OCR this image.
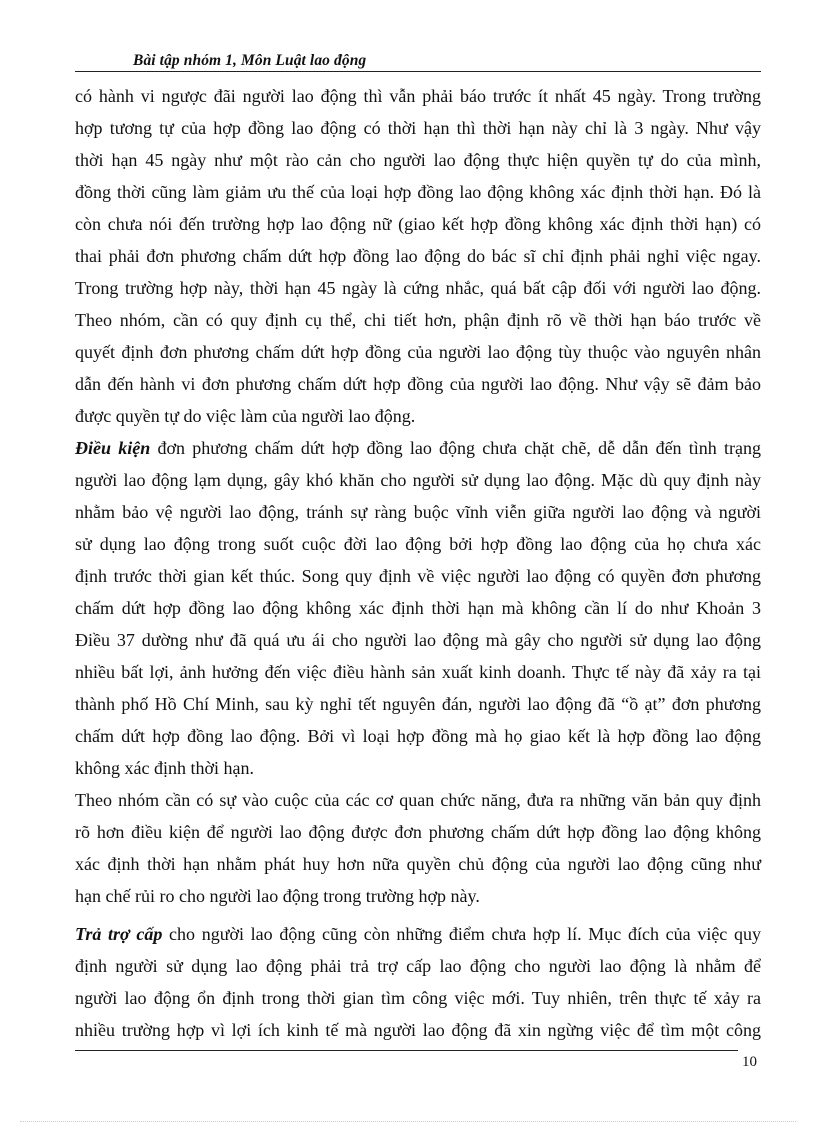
Bài tập nhóm 1, Môn Luật lao động
có hành vi ngược đãi người lao động thì vẫn phải báo trước ít nhất 45 ngày. Trong trường
hợp tương tự của hợp đồng lao động có thời hạn thì thời hạn này chỉ là 3 ngày. Như vậy
thời hạn 45 ngày như một rào cản cho người lao động thực hiện quyền tự do của mình,
đồng thời cũng làm giảm ưu thế của loại hợp đồng lao động không xác định thời hạn. Đó là
còn chưa nói đến trường hợp lao động nữ (giao kết hợp đồng không xác định thời hạn) có
thai phải đơn phương chấm dứt hợp đồng lao động do bác sĩ chỉ định phải nghỉ việc ngay.
Trong trường hợp này, thời hạn 45 ngày là cứng nhắc, quá bất cập đối với người lao động.
Theo nhóm, cần có quy định cụ thể, chi tiết hơn, phận định rõ về thời hạn báo trước về
quyết định đơn phương chấm dứt hợp đồng của người lao động tùy thuộc vào nguyên nhân
dẫn đến hành vi đơn phương chấm dứt hợp đồng của người lao động. Như vậy sẽ đảm bảo
được quyền tự do việc làm của người lao động.
Điều kiện đơn phương chấm dứt hợp đồng lao động chưa chặt chẽ, dễ dẫn đến tình trạng
người lao động lạm dụng, gây khó khăn cho người sử dụng lao động. Mặc dù quy định này
nhằm bảo vệ người lao động, tránh sự ràng buộc vĩnh viễn giữa người lao động và người
sử dụng lao động trong suốt cuộc đời lao động bởi hợp đồng lao động của họ chưa xác
định trước thời gian kết thúc. Song quy định về việc người lao động có quyền đơn phương
chấm dứt hợp đồng lao động không xác định thời hạn mà không cần lí do như Khoản 3
Điều 37 dường như đã quá ưu ái cho người lao động mà gây cho người sử dụng lao động
nhiều bất lợi, ảnh hưởng đến việc điều hành sản xuất kinh doanh. Thực tế này đã xảy ra tại
thành phố Hồ Chí Minh, sau kỳ nghỉ tết nguyên đán, người lao động đã “ồ ạt” đơn phương
chấm dứt hợp đồng lao động. Bởi vì loại hợp đồng mà họ giao kết là hợp đồng lao động
không xác định thời hạn.
Theo nhóm cần có sự vào cuộc của các cơ quan chức năng, đưa ra những văn bản quy định
rõ hơn điều kiện để người lao động được đơn phương chấm dứt hợp đồng lao động không
xác định thời hạn nhằm phát huy hơn nữa quyền chủ động của người lao động cũng như
hạn chế rủi ro cho người lao động trong trường hợp này.
Trả trợ cấp cho người lao động cũng còn những điểm chưa hợp lí. Mục đích của việc quy
định người sử dụng lao động phải trả trợ cấp lao động cho người lao động là nhằm để
người lao động ổn định trong thời gian tìm công việc mới. Tuy nhiên, trên thực tế xảy ra
nhiều trường hợp vì lợi ích kinh tế mà người lao động đã xin ngừng việc để tìm một công
10
